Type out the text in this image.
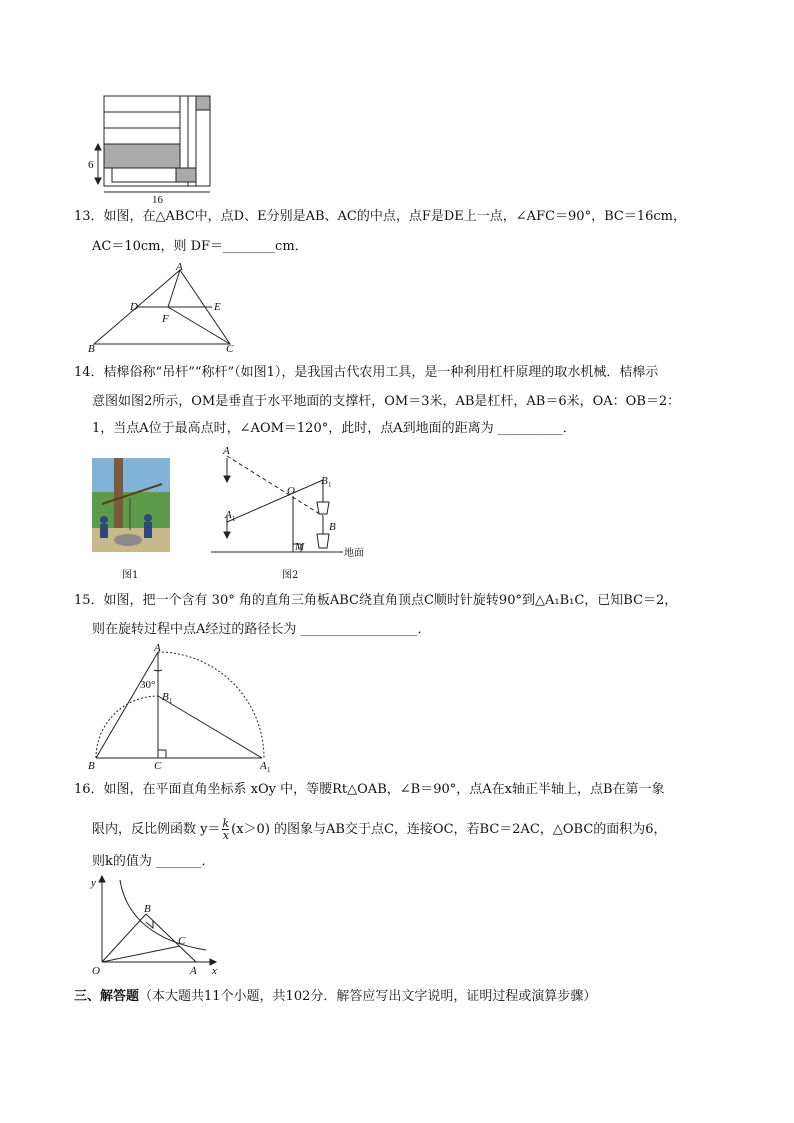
6
16
13．如图，在△ABC中，点D、E分别是AB、AC的中点，点F是DE上一点，∠AFC＝90°，BC＝16cm，
AC＝10cm，则 DF＝________cm．
A
B	C
D	E
F
14．桔槔俗称“吊杆”“称杆”（如图1），是我国古代农用工具，是一种利用杠杆原理的取水机械．桔槔示
意图如图2所示，OM是垂直于水平地面的支撑杆，OM＝3米，AB是杠杆，AB＝6米，OA：OB＝2：
1，当点A位于最高点时，∠AOM＝120°，此时，点A到地面的距离为 __________．
图1
A
A 1
O
B 1
B
M
地面
图2
15．如图，把一个含有 30° 角的直角三角板ABC绕直角顶点C顺时针旋转90°到△A₁B₁C，已知BC＝2，
则在旋转过程中点A经过的路径长为 __________________．
A
30°
B 1
B	C	A 1
16．如图，在平面直角坐标系 xOy 中，等腰Rt△OAB，∠B＝90°，点A在x轴正半轴上，点B在第一象
限内，反比例函数 $y= \frac{k}{x} (x>0)$ 的图象与AB交于点C，连接OC，若BC＝2AC，△OBC的面积为6，
则k的值为 _______．
y
x
O	A
B
C
三、解答题（本大题共11个小题，共102分．解答应写出文字说明，证明过程或演算步骤）
